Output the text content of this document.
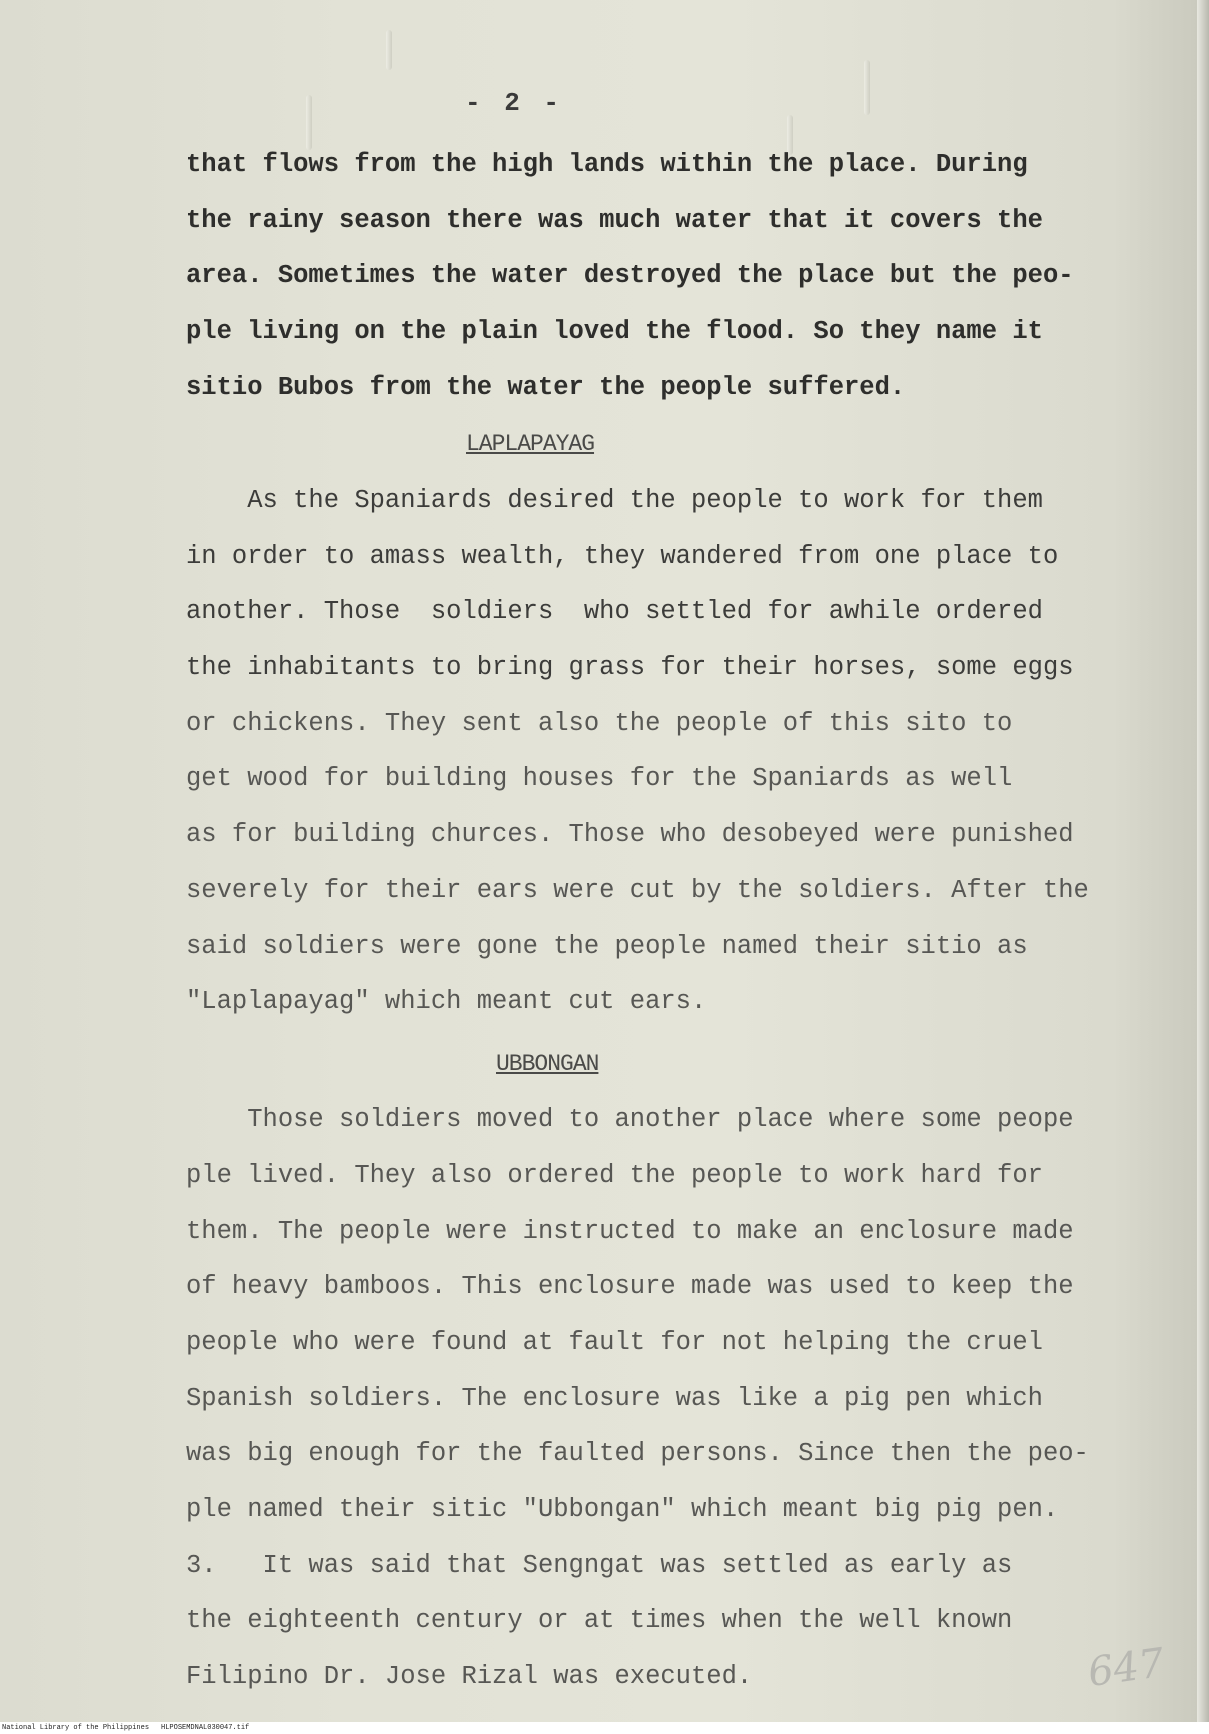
- 2 -
that flows from the high lands within the place. During
the rainy season there was much water that it covers the
area. Sometimes the water destroyed the place but the peo-
ple living on the plain loved the flood. So they name it
sitio Bubos from the water the people suffered.
LAPLAPAYAG
As the Spaniards desired the people to work for them
in order to amass wealth, they wandered from one place to
another. Those  soldiers  who settled for awhile ordered
the inhabitants to bring grass for their horses, some eggs
or chickens. They sent also the people of this sito to
get wood for building houses for the Spaniards as well
as for building churces. Those who desobeyed were punished
severely for their ears were cut by the soldiers. After the
said soldiers were gone the people named their sitio as
"Laplapayag" which meant cut ears.
UBBONGAN
Those soldiers moved to another place where some peope
ple lived. They also ordered the people to work hard for
them. The people were instructed to make an enclosure made
of heavy bamboos. This enclosure made was used to keep the
people who were found at fault for not helping the cruel
Spanish soldiers. The enclosure was like a pig pen which
was big enough for the faulted persons. Since then the peo-
ple named their sitic "Ubbongan" which meant big pig pen.
3.   It was said that Sengngat was settled as early as
the eighteenth century or at times when the well known
Filipino Dr. Jose Rizal was executed.	647
National Library of the Philippines HLPOSEMDNAL030047.tif
